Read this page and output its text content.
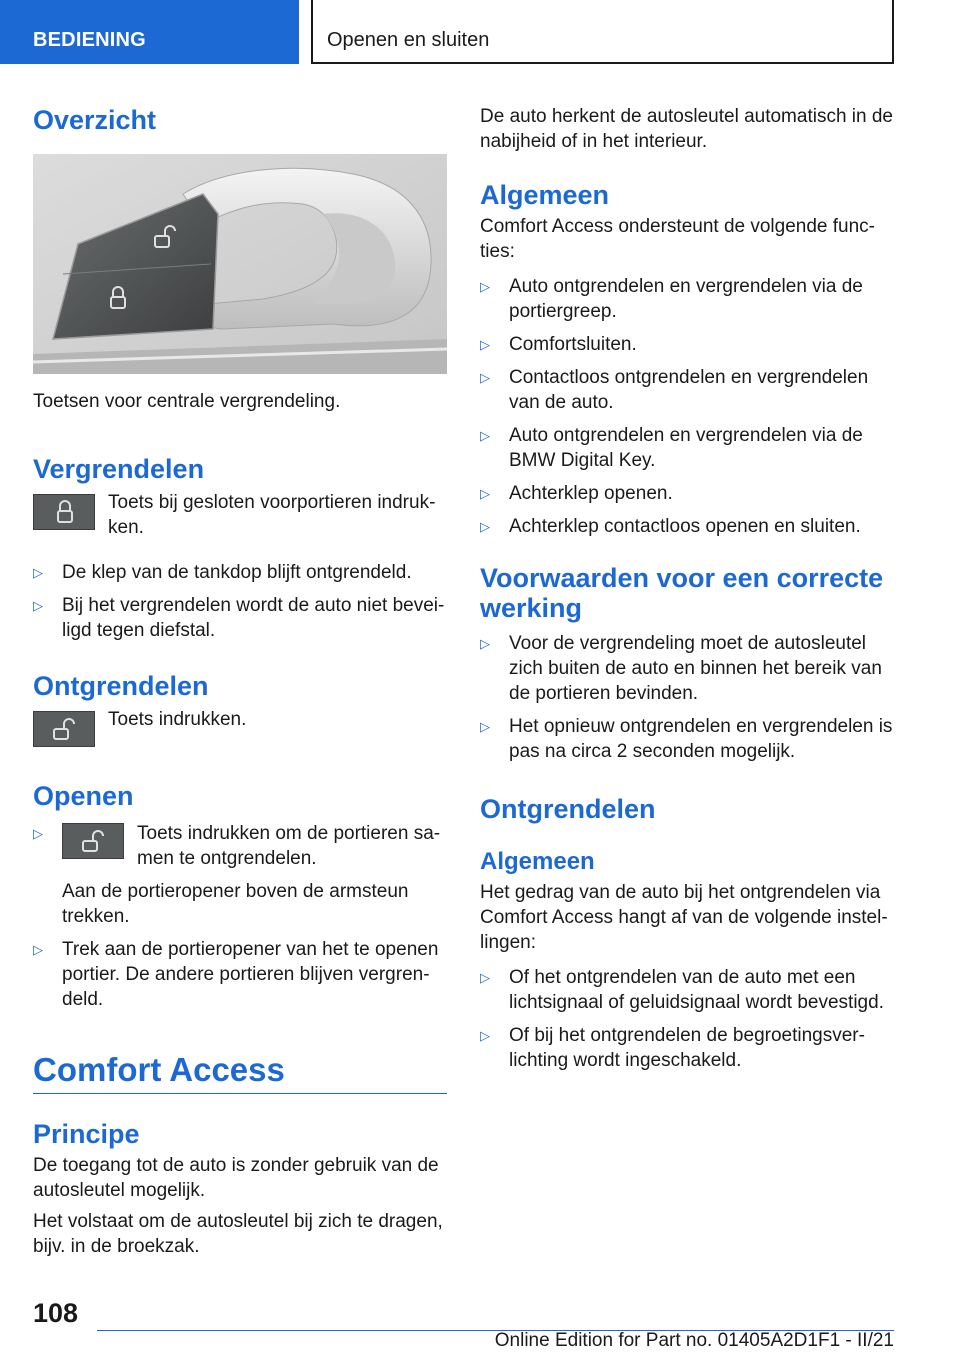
BEDIENING	Openen en sluiten
Overzicht

Toetsen voor centrale vergrendeling.

Vergrendelen

Toets bij gesloten voorportieren indruk-ken.

▷ De klep van de tankdop blijft ontgrendeld.
▷ Bij het vergrendelen wordt de auto niet bevei-ligd tegen diefstal.
Ontgrendelen

Toets indrukken.

Openen
▷	Toets indrukken om de portieren sa-men te ontgrendelen.

Aan de portieropener boven de armsteun trekken.

▷ Trek aan de portieropener van het te openen portier. De andere portieren blijven vergren-deld.
Comfort Access
Principe

De toegang tot de auto is zonder gebruik van de autosleutel mogelijk.

Het volstaat om de autosleutel bij zich te dragen, bijv. in de broekzak.

De auto herkent de autosleutel automatisch in de nabijheid of in het interieur.

Algemeen

Comfort Access ondersteunt de volgende func-ties:

▷ Auto ontgrendelen en vergrendelen via de portiergreep.
▷ Comfortsluiten.
▷ Contactloos ontgrendelen en vergrendelen van de auto.
▷ Auto ontgrendelen en vergrendelen via de BMW Digital Key.
▷ Achterklep openen.
▷ Achterklep contactloos openen en sluiten.
Voorwaarden voor een correcte werking
▷ Voor de vergrendeling moet de autosleutel zich buiten de auto en binnen het bereik van de portieren bevinden.
▷ Het opnieuw ontgrendelen en vergrendelen is pas na circa 2 seconden mogelijk.
Ontgrendelen
Algemeen

Het gedrag van de auto bij het ontgrendelen via Comfort Access hangt af van de volgende instel-lingen:

▷ Of het ontgrendelen van de auto met een lichtsignaal of geluidsignaal wordt bevestigd.
▷ Of bij het ontgrendelen de begroetingsver-lichting wordt ingeschakeld.
108
Online Edition for Part no. 01405A2D1F1 - II/21
